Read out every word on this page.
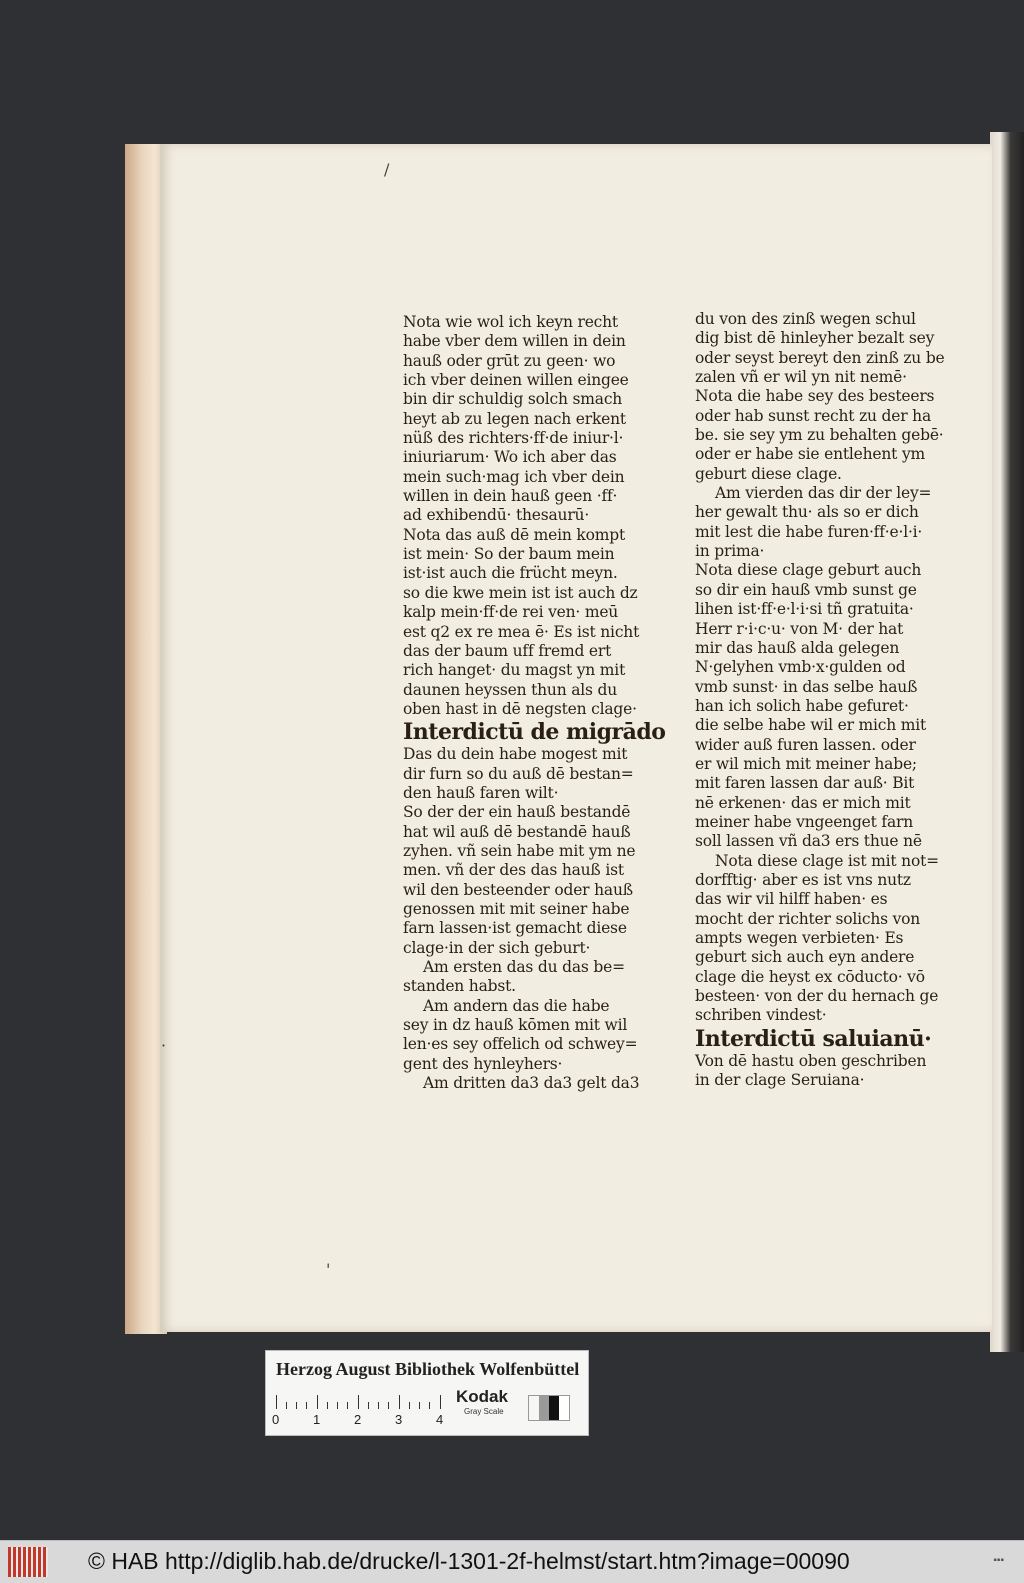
/
·
'
Nota wie wol ich keyn recht
habe vber dem willen in dein
hauß oder grūt zu geen· wo
ich vber deinen willen eingee
bin dir schuldig solch smach
heyt ab zu legen nach erkent
nüß des richters·ff·de iniur·l·
iniuriarum· Wo ich aber das
mein such·mag ich vber dein
willen in dein hauß geen ·ff·
ad exhibendū· thesaurū·
Nota das auß dē mein kompt
ist mein· So der baum mein
ist·ist auch die frücht meyn.
so die kwe mein ist ist auch dz
kalp mein·ff·de rei ven· meū
est q2 ex re mea ē· Es ist nicht
das der baum uff fremd ert
rich hanget· du magst yn mit
daunen heyssen thun als du
oben hast in dē negsten clage·
Interdictū de migrādo
Das du dein habe mogest mit
dir furn so du auß dē bestan=
den hauß faren wilt·
So der der ein hauß bestandē
hat wil auß dē bestandē hauß
zyhen. vñ sein habe mit ym ne
men. vñ der des das hauß ist
wil den besteender oder hauß
genossen mit mit seiner habe
farn lassen·ist gemacht diese
clage·in der sich geburt·
Am ersten das du das be=
standen habst.
Am andern das die habe
sey in dz hauß kōmen mit wil
len·es sey offelich od schwey=
gent des hynleyhers·
Am dritten da3 da3 gelt da3
du von des zinß wegen schul
dig bist dē hinleyher bezalt sey
oder seyst bereyt den zinß zu be
zalen vñ er wil yn nit nemē·
Nota die habe sey des besteers
oder hab sunst recht zu der ha
be. sie sey ym zu behalten gebē·
oder er habe sie entlehent ym
geburt diese clage.
Am vierden das dir der ley=
her gewalt thu· als so er dich
mit lest die habe furen·ff·e·l·i·
in prima·
Nota diese clage geburt auch
so dir ein hauß vmb sunst ge
lihen ist·ff·e·l·i·si tñ gratuita·
Herr r·i·c·u· von M· der hat
mir das hauß alda gelegen
N·gelyhen vmb·x·gulden od
vmb sunst· in das selbe hauß
han ich solich habe gefuret·
die selbe habe wil er mich mit
wider auß furen lassen. oder
er wil mich mit meiner habe;
mit faren lassen dar auß· Bit
nē erkenen· das er mich mit
meiner habe vngeenget farn
soll lassen vñ da3 ers thue nē
Nota diese clage ist mit not=
dorfftig· aber es ist vns nutz
das wir vil hilff haben· es
mocht der richter solichs von
ampts wegen verbieten· Es
geburt sich auch eyn andere
clage die heyst ex cōducto· vō
besteen· von der du hernach ge
schriben vindest·
Interdictū saluianū·
Von dē hastu oben geschriben
in der clage Seruiana·
Herzog August Bibliothek Wolfenbüttel
0	1	2	3	4
Kodak
Gray Scale
© HAB http://diglib.hab.de/drucke/l-1301-2f-helmst/start.htm?image=00090	▪▪▪
